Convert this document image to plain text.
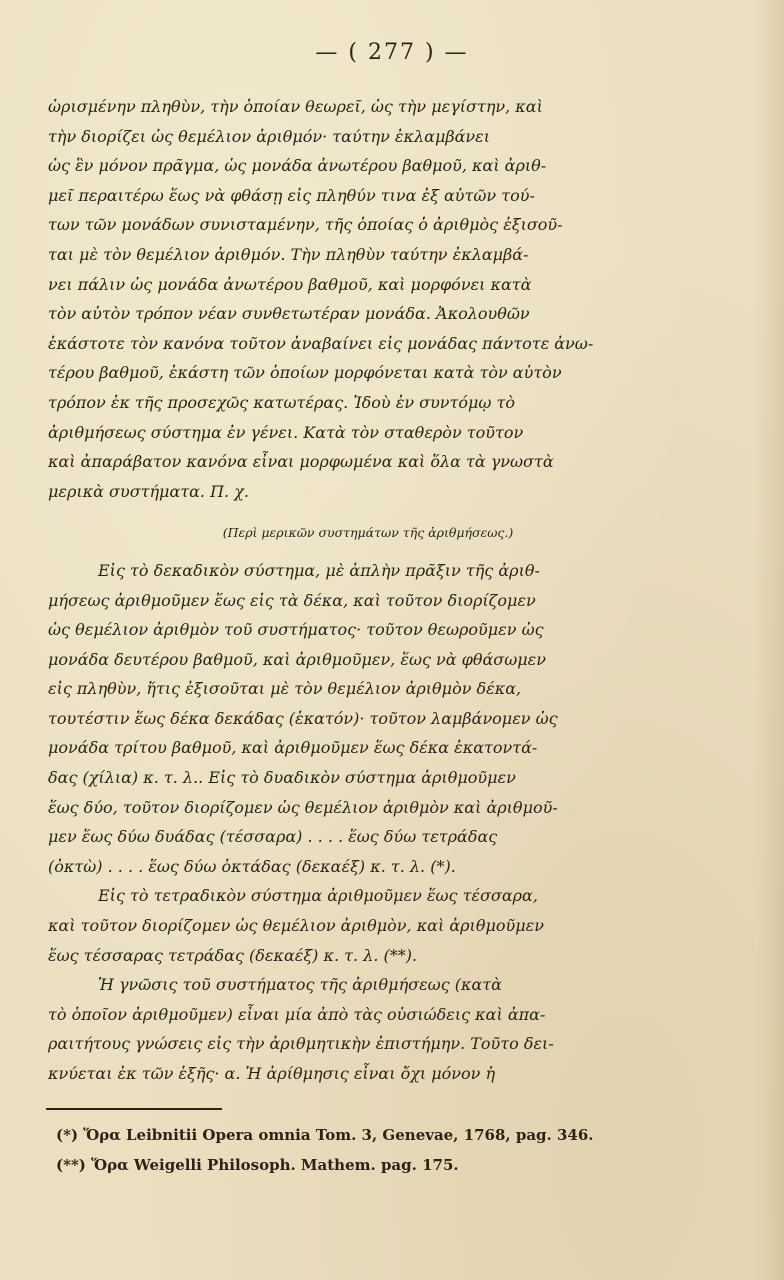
— ( 277 ) —
ὡρισμένην πληθὺν, τὴν ὁποίαν θεωρεῖ, ὡς τὴν μεγίστην, καὶ
τὴν διορίζει ὡς θεμέλιον ἀριθμόν· ταύτην ἐκλαμβάνει
ὡς ἓν μόνον πρᾶγμα, ὡς μονάδα ἀνωτέρου βαθμοῦ, καὶ ἀριθ-
μεῖ περαιτέρω ἕως νὰ φθάσῃ εἰς πληθύν τινα ἐξ αὐτῶν τού-
των τῶν μονάδων συνισταμένην, τῆς ὁποίας ὁ ἀριθμὸς ἐξισοῦ-
ται μὲ τὸν θεμέλιον ἀριθμόν. Τὴν πληθὺν ταύτην ἐκλαμβά-
νει πάλιν ὡς μονάδα ἀνωτέρου βαθμοῦ, καὶ μορφόνει κατὰ
τὸν αὐτὸν τρόπον νέαν συνθετωτέραν μονάδα. Ἀκολουθῶν
ἑκάστοτε τὸν κανόνα τοῦτον ἀναβαίνει εἰς μονάδας πάντοτε ἀνω-
τέρου βαθμοῦ, ἑκάστη τῶν ὁποίων μορφόνεται κατὰ τὸν αὐτὸν
τρόπον ἐκ τῆς προσεχῶς κατωτέρας. Ἰδοὺ ἐν συντόμῳ τὸ
ἀριθμήσεως σύστημα ἐν γένει. Κατὰ τὸν σταθερὸν τοῦτον
καὶ ἀπαράβατον κανόνα εἶναι μορφωμένα καὶ ὅλα τὰ γνωστὰ
μερικὰ συστήματα. Π. χ.
(Περὶ μερικῶν συστημάτων τῆς ἀριθμήσεως.)
Εἰς τὸ δεκαδικὸν σύστημα, μὲ ἁπλὴν πρᾶξιν τῆς ἀριθ-
μήσεως ἀριθμοῦμεν ἕως εἰς τὰ δέκα, καὶ τοῦτον διορίζομεν
ὡς θεμέλιον ἀριθμὸν τοῦ συστήματος· τοῦτον θεωροῦμεν ὡς
μονάδα δευτέρου βαθμοῦ, καὶ ἀριθμοῦμεν, ἕως νὰ φθάσωμεν
εἰς πληθὺν, ἥτις ἐξισοῦται μὲ τὸν θεμέλιον ἀριθμὸν δέκα,
τουτέστιν ἕως δέκα δεκάδας (ἑκατόν)· τοῦτον λαμβάνομεν ὡς
μονάδα τρίτου βαθμοῦ, καὶ ἀριθμοῦμεν ἕως δέκα ἑκατοντά-
δας (χίλια) κ. τ. λ.. Εἰς τὸ δυαδικὸν σύστημα ἀριθμοῦμεν
ἕως δύο, τοῦτον διορίζομεν ὡς θεμέλιον ἀριθμὸν καὶ ἀριθμοῦ-
μεν ἕως δύω δυάδας (τέσσαρα) . . . . ἕως δύω τετράδας
(ὀκτὼ) . . . . ἕως δύω ὀκτάδας (δεκαέξ) κ. τ. λ. (*).
Εἰς τὸ τετραδικὸν σύστημα ἀριθμοῦμεν ἕως τέσσαρα,
καὶ τοῦτον διορίζομεν ὡς θεμέλιον ἀριθμὸν, καὶ ἀριθμοῦμεν
ἕως τέσσαρας τετράδας (δεκαέξ) κ. τ. λ. (**).
Ἡ γνῶσις τοῦ συστήματος τῆς ἀριθμήσεως (κατὰ
τὸ ὁποῖον ἀριθμοῦμεν) εἶναι μία ἀπὸ τὰς οὐσιώδεις καὶ ἀπα-
ραιτήτους γνώσεις εἰς τὴν ἀριθμητικὴν ἐπιστήμην. Τοῦτο δει-
κνύεται ἐκ τῶν ἑξῆς· α. Ἡ ἀρίθμησις εἶναι ὄχι μόνον ἡ
(*) Ὅρα Leibnitii Opera omnia Tom. 3, Genevae, 1768, pag. 346.
(**) Ὅρα Weigelli Philosoph. Mathem. pag. 175.
